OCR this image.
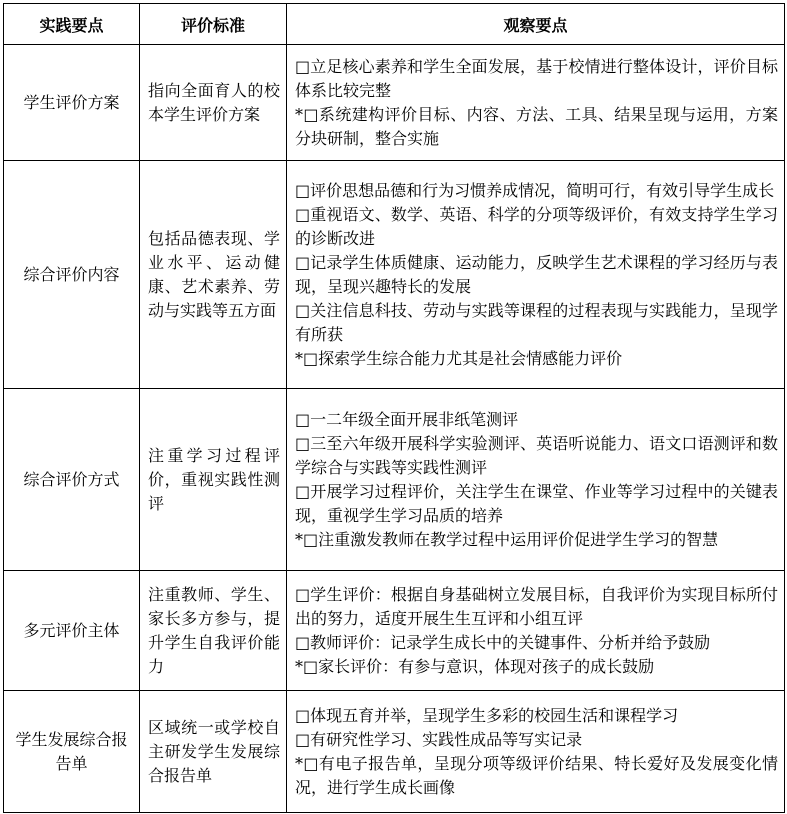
实践要点	评价标准	观察要点
学生评价方案	指向全面育人的校本学生评价方案	□立足核心素养和学生全面发展，基于校情进行整体设计，评价目标体系比较完整
*□系统建构评价目标、内容、方法、工具、结果呈现与运用，方案分块研制，整合实施

综合评价内容	包括品德表现、学业水平、运动健康、艺术素养、劳动与实践等五方面	□评价思想品德和行为习惯养成情况，简明可行，有效引导学生成长
□重视语文、数学、英语、科学的分项等级评价，有效支持学生学习的诊断改进
□记录学生体质健康、运动能力，反映学生艺术课程的学习经历与表现，呈现兴趣特长的发展
□关注信息科技、劳动与实践等课程的过程表现与实践能力，呈现学有所获
*□探索学生综合能力尤其是社会情感能力评价

综合评价方式	注重学习过程评价，重视实践性测评	□一二年级全面开展非纸笔测评
□三至六年级开展科学实验测评、英语听说能力、语文口语测评和数学综合与实践等实践性测评
□开展学习过程评价，关注学生在课堂、作业等学习过程中的关键表现，重视学生学习品质的培养
*□注重激发教师在教学过程中运用评价促进学生学习的智慧

多元评价主体	注重教师、学生、家长多方参与，提升学生自我评价能力	□学生评价：根据自身基础树立发展目标，自我评价为实现目标所付出的努力，适度开展生生互评和小组互评
□教师评价：记录学生成长中的关键事件、分析并给予鼓励
*□家长评价：有参与意识，体现对孩子的成长鼓励

学生发展综合报告单	区域统一或学校自主研发学生发展综合报告单	□体现五育并举，呈现学生多彩的校园生活和课程学习
□有研究性学习、实践性成品等写实记录
*□有电子报告单，呈现分项等级评价结果、特长爱好及发展变化情况，进行学生成长画像
